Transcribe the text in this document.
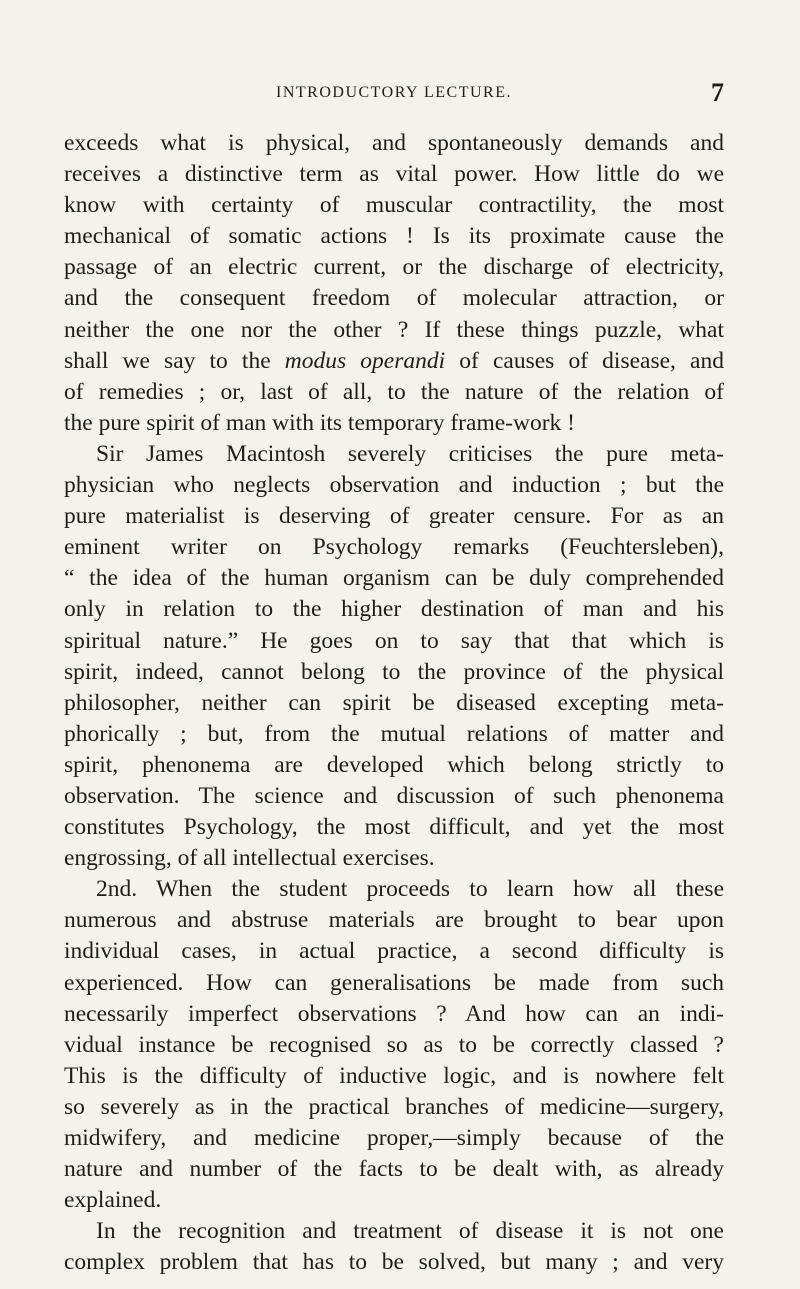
INTRODUCTORY LECTURE.	7
exceeds what is physical, and spontaneously demands and
receives a distinctive term as vital power. How little do we
know with certainty of muscular contractility, the most
mechanical of somatic actions ! Is its proximate cause the
passage of an electric current, or the discharge of electricity,
and the consequent freedom of molecular attraction, or
neither the one nor the other ? If these things puzzle, what
shall we say to the modus operandi of causes of disease, and
of remedies ; or, last of all, to the nature of the relation of
the pure spirit of man with its temporary frame-work !
Sir James Macintosh severely criticises the pure meta-
physician who neglects observation and induction ; but the
pure materialist is deserving of greater censure. For as an
eminent writer on Psychology remarks (Feuchtersleben),
“ the idea of the human organism can be duly comprehended
only in relation to the higher destination of man and his
spiritual nature.” He goes on to say that that which is
spirit, indeed, cannot belong to the province of the physical
philosopher, neither can spirit be diseased excepting meta-
phorically ; but, from the mutual relations of matter and
spirit, phenonema are developed which belong strictly to
observation. The science and discussion of such phenonema
constitutes Psychology, the most difficult, and yet the most
engrossing, of all intellectual exercises.
2nd. When the student proceeds to learn how all these
numerous and abstruse materials are brought to bear upon
individual cases, in actual practice, a second difficulty is
experienced. How can generalisations be made from such
necessarily imperfect observations ? And how can an indi-
vidual instance be recognised so as to be correctly classed ?
This is the difficulty of inductive logic, and is nowhere felt
so severely as in the practical branches of medicine—surgery,
midwifery, and medicine proper,—simply because of the
nature and number of the facts to be dealt with, as already
explained.
In the recognition and treatment of disease it is not one
complex problem that has to be solved, but many ; and very
